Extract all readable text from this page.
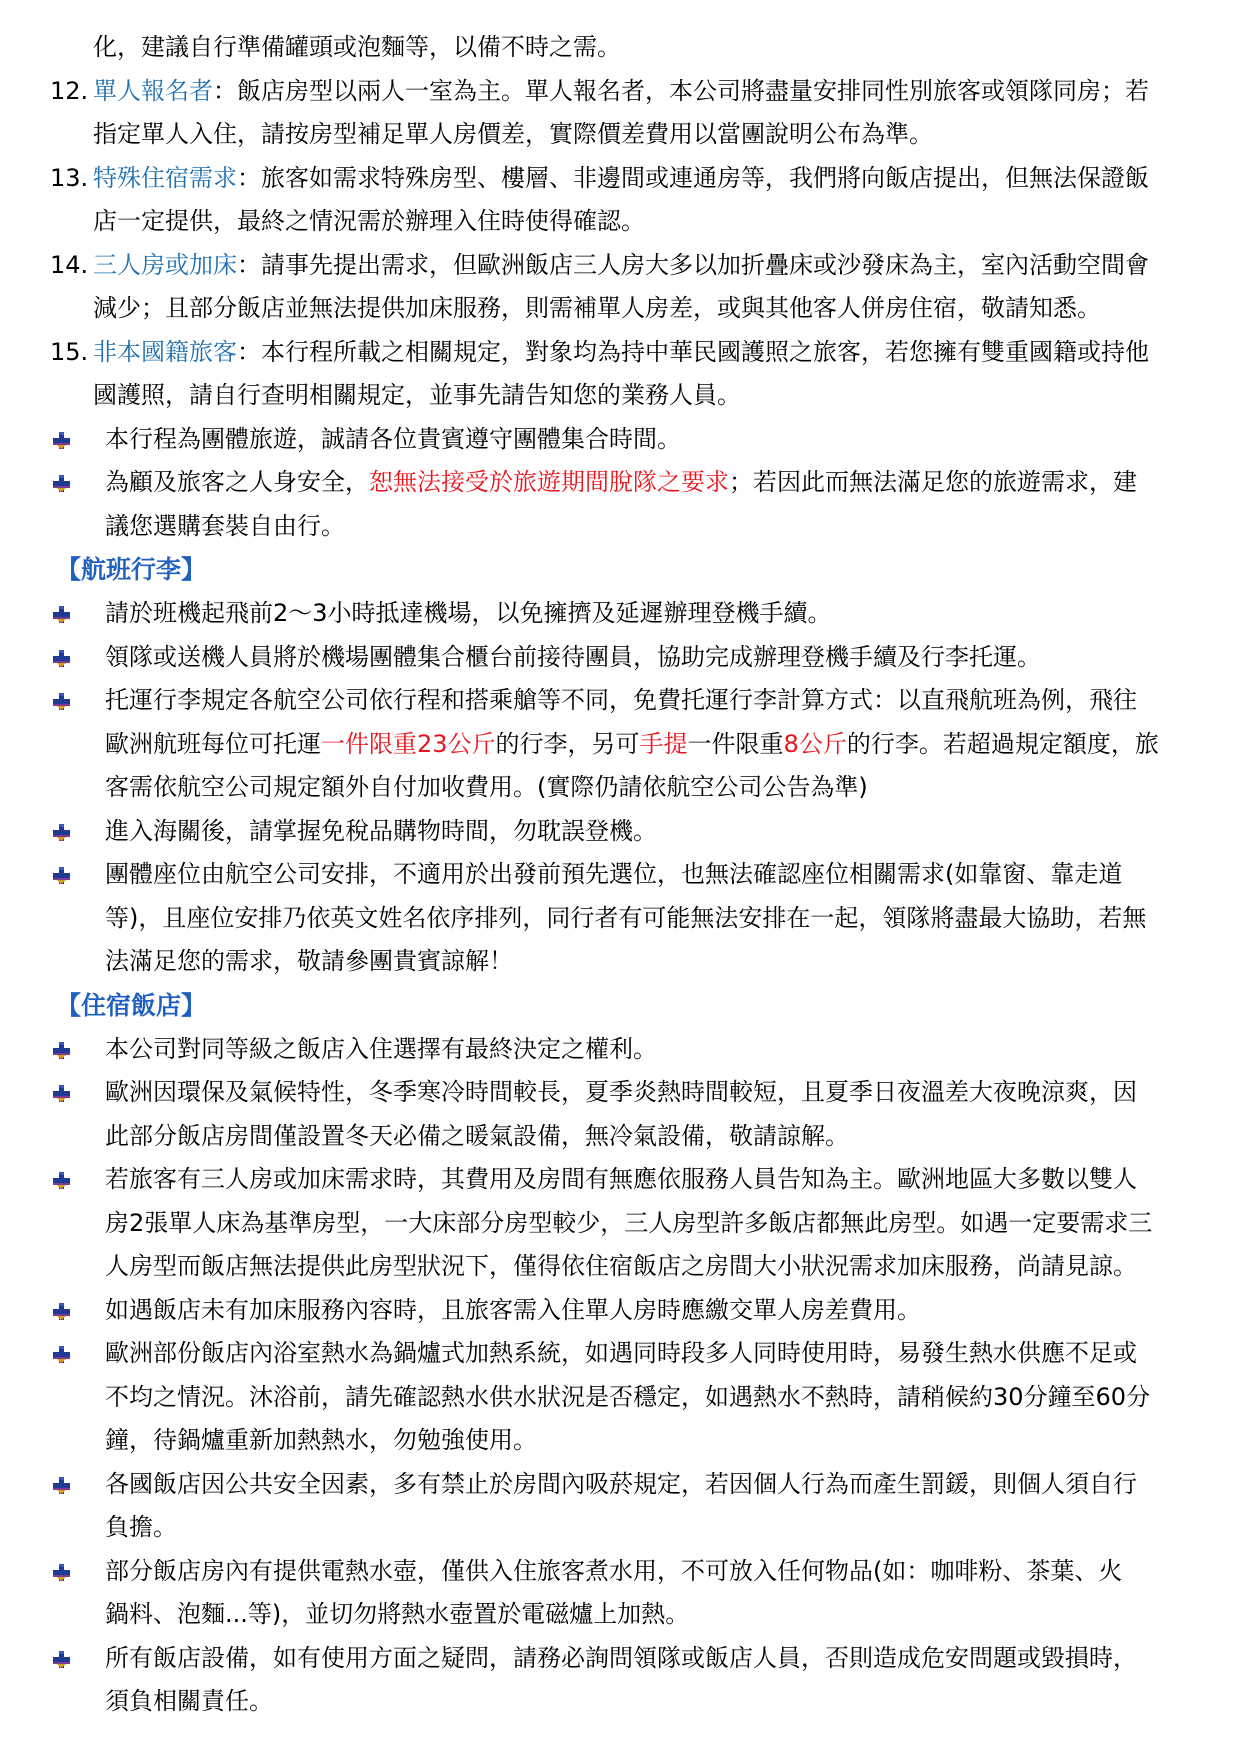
化，建議自行準備罐頭或泡麵等，以備不時之需。
12. 單人報名者：飯店房型以兩人一室為主。單人報名者，本公司將盡量安排同性別旅客或領隊同房；若
指定單人入住，請按房型補足單人房價差，實際價差費用以當團說明公布為準。
13. 特殊住宿需求：旅客如需求特殊房型、樓層、非邊間或連通房等，我們將向飯店提出，但無法保證飯
店一定提供，最終之情況需於辦理入住時使得確認。
14. 三人房或加床：請事先提出需求，但歐洲飯店三人房大多以加折疊床或沙發床為主，室內活動空間會
減少；且部分飯店並無法提供加床服務，則需補單人房差，或與其他客人併房住宿，敬請知悉。
15. 非本國籍旅客：本行程所載之相關規定，對象均為持中華民國護照之旅客，若您擁有雙重國籍或持他
國護照，請自行查明相關規定，並事先請告知您的業務人員。
本行程為團體旅遊，誠請各位貴賓遵守團體集合時間。
為顧及旅客之人身安全，恕無法接受於旅遊期間脫隊之要求；若因此而無法滿足您的旅遊需求，建
議您選購套裝自由行。
【航班行李】
請於班機起飛前2～3小時抵達機場，以免擁擠及延遲辦理登機手續。
領隊或送機人員將於機場團體集合櫃台前接待團員，協助完成辦理登機手續及行李托運。
托運行李規定各航空公司依行程和搭乘艙等不同，免費托運行李計算方式：以直飛航班為例，飛往
歐洲航班每位可托運一件限重23公斤的行李，另可手提一件限重8公斤的行李。若超過規定額度，旅
客需依航空公司規定額外自付加收費用。(實際仍請依航空公司公告為準)
進入海關後，請掌握免稅品購物時間，勿耽誤登機。
團體座位由航空公司安排，不適用於出發前預先選位，也無法確認座位相關需求(如靠窗、靠走道
等)，且座位安排乃依英文姓名依序排列，同行者有可能無法安排在一起，領隊將盡最大協助，若無
法滿足您的需求，敬請參團貴賓諒解！
【住宿飯店】
本公司對同等級之飯店入住選擇有最終決定之權利。
歐洲因環保及氣候特性，冬季寒冷時間較長，夏季炎熱時間較短，且夏季日夜溫差大夜晚涼爽，因
此部分飯店房間僅設置冬天必備之暖氣設備，無冷氣設備，敬請諒解。
若旅客有三人房或加床需求時，其費用及房間有無應依服務人員告知為主。歐洲地區大多數以雙人
房2張單人床為基準房型，一大床部分房型較少，三人房型許多飯店都無此房型。如遇一定要需求三
人房型而飯店無法提供此房型狀況下，僅得依住宿飯店之房間大小狀況需求加床服務，尚請見諒。
如遇飯店未有加床服務內容時，且旅客需入住單人房時應繳交單人房差費用。
歐洲部份飯店內浴室熱水為鍋爐式加熱系統，如遇同時段多人同時使用時，易發生熱水供應不足或
不均之情況。沐浴前，請先確認熱水供水狀況是否穩定，如遇熱水不熱時，請稍候約30分鐘至60分
鐘，待鍋爐重新加熱熱水，勿勉強使用。
各國飯店因公共安全因素，多有禁止於房間內吸菸規定，若因個人行為而產生罰鍰，則個人須自行
負擔。
部分飯店房內有提供電熱水壺，僅供入住旅客煮水用，不可放入任何物品(如：咖啡粉、茶葉、火
鍋料、泡麵...等)，並切勿將熱水壺置於電磁爐上加熱。
所有飯店設備，如有使用方面之疑問，請務必詢問領隊或飯店人員，否則造成危安問題或毀損時，
須負相關責任。
